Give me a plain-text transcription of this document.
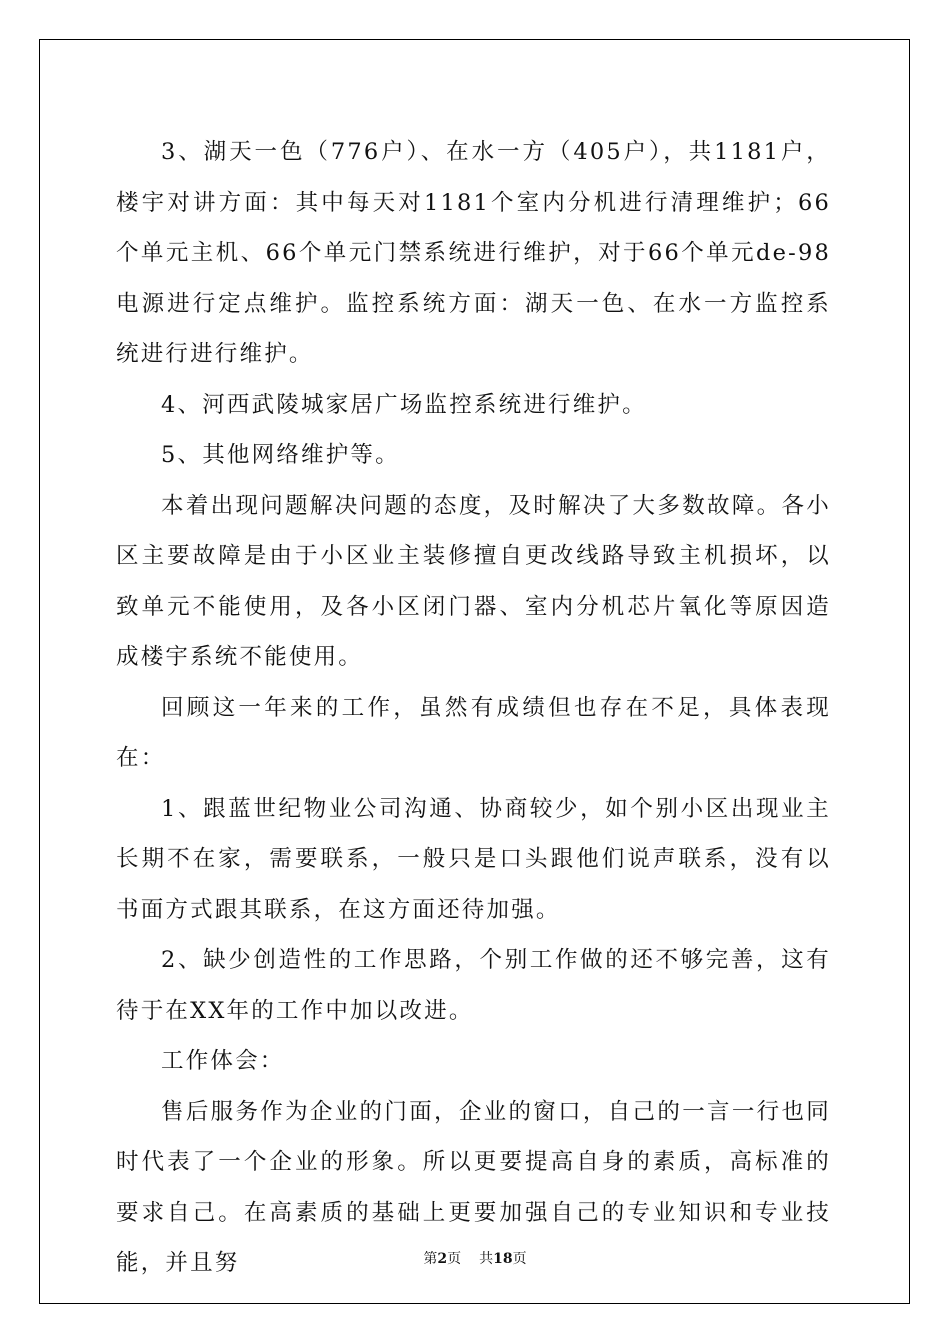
3、湖天一色（776户）、在水一方（405户），共1181户，楼宇对讲方面：其中每天对1181个室内分机进行清理维护；66个单元主机、66个单元门禁系统进行维护，对于66个单元de-98电源进行定点维护。监控系统方面：湖天一色、在水一方监控系统进行进行维护。

4、河西武陵城家居广场监控系统进行维护。

5、其他网络维护等。

本着出现问题解决问题的态度，及时解决了大多数故障。各小区主要故障是由于小区业主装修擅自更改线路导致主机损坏，以致单元不能使用，及各小区闭门器、室内分机芯片氧化等原因造成楼宇系统不能使用。

回顾这一年来的工作，虽然有成绩但也存在不足，具体表现在：

1、跟蓝世纪物业公司沟通、协商较少，如个别小区出现业主长期不在家，需要联系，一般只是口头跟他们说声联系，没有以书面方式跟其联系，在这方面还待加强。

2、缺少创造性的工作思路，个别工作做的还不够完善，这有待于在XX年的工作中加以改进。

工作体会：

售后服务作为企业的门面，企业的窗口，自己的一言一行也同时代表了一个企业的形象。所以更要提高自身的素质，高标准的要求自己。在高素质的基础上更要加强自己的专业知识和专业技能，并且努	第2页 共18页
